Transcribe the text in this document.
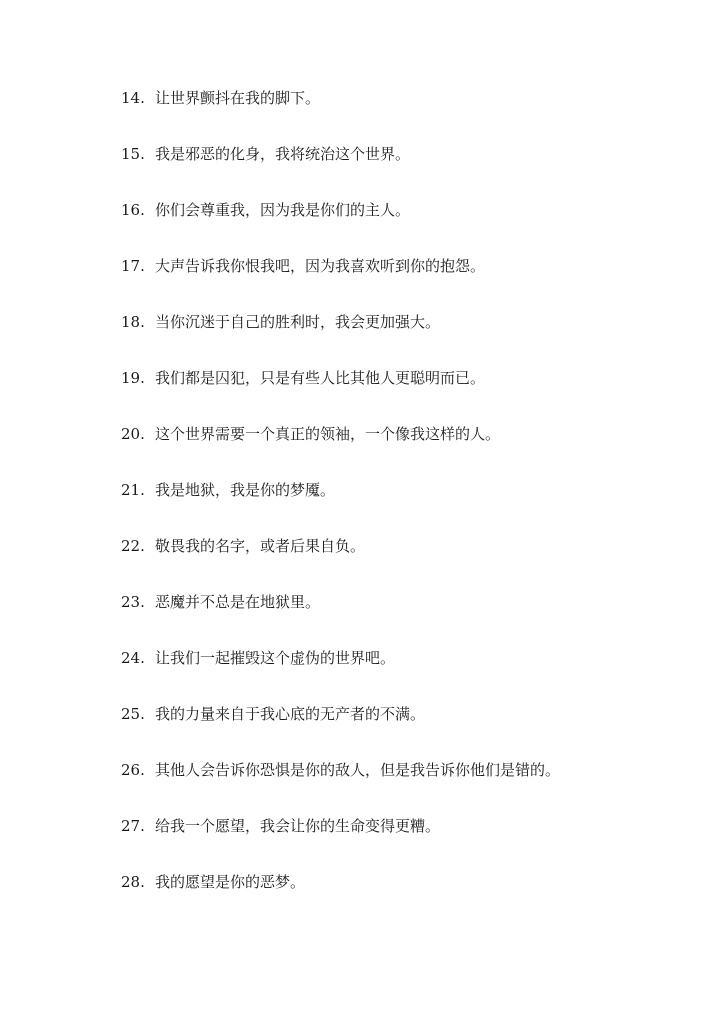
14. 让世界颤抖在我的脚下。
15. 我是邪恶的化身，我将统治这个世界。
16. 你们会尊重我，因为我是你们的主人。
17. 大声告诉我你恨我吧，因为我喜欢听到你的抱怨。
18. 当你沉迷于自己的胜利时，我会更加强大。
19. 我们都是囚犯，只是有些人比其他人更聪明而已。
20. 这个世界需要一个真正的领袖，一个像我这样的人。
21. 我是地狱，我是你的梦魇。
22. 敬畏我的名字，或者后果自负。
23. 恶魔并不总是在地狱里。
24. 让我们一起摧毁这个虚伪的世界吧。
25. 我的力量来自于我心底的无产者的不满。
26. 其他人会告诉你恐惧是你的敌人，但是我告诉你他们是错的。
27. 给我一个愿望，我会让你的生命变得更糟。
28. 我的愿望是你的恶梦。
